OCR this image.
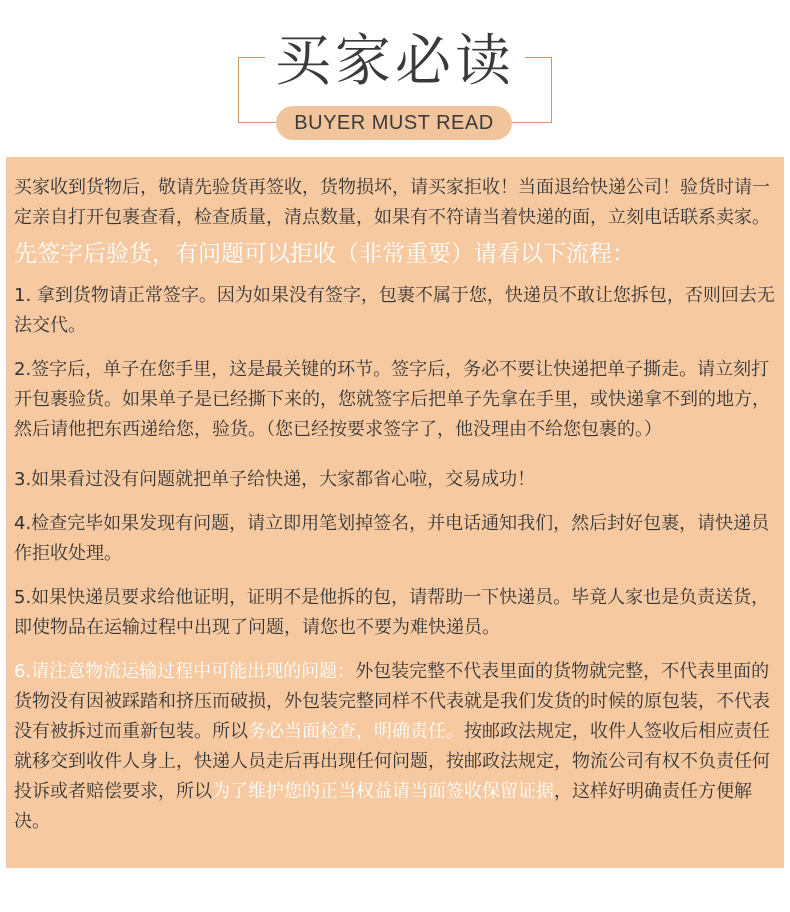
买家必读
BUYER MUST READ

买家收到货物后，敬请先验货再签收，货物损坏，请买家拒收！当面退给快递公司！验货时请一定亲自打开包裹查看，检查质量，清点数量，如果有不符请当着快递的面，立刻电话联系卖家。

先签字后验货，有问题可以拒收（非常重要）请看以下流程：

1. 拿到货物请正常签字。因为如果没有签字，包裹不属于您，快递员不敢让您拆包，否则回去无法交代。

2.签字后，单子在您手里，这是最关键的环节。签字后，务必不要让快递把单子撕走。请立刻打开包裹验货。如果单子是已经撕下来的，您就签字后把单子先拿在手里，或快递拿不到的地方，然后请他把东西递给您，验货。（您已经按要求签字了，他没理由不给您包裹的。）

3.如果看过没有问题就把单子给快递，大家都省心啦，交易成功！

4.检查完毕如果发现有问题，请立即用笔划掉签名，并电话通知我们，然后封好包裹，请快递员作拒收处理。

5.如果快递员要求给他证明，证明不是他拆的包，请帮助一下快递员。毕竟人家也是负责送货，即使物品在运输过程中出现了问题，请您也不要为难快递员。

6.请注意物流运输过程中可能出现的问题：外包装完整不代表里面的货物就完整，不代表里面的货物没有因被踩踏和挤压而破损，外包装完整同样不代表就是我们发货的时候的原包装，不代表没有被拆过而重新包装。所以务必当面检查，明确责任。按邮政法规定，收件人签收后相应责任就移交到收件人身上，快递人员走后再出现任何问题，按邮政法规定，物流公司有权不负责任何投诉或者赔偿要求，所以为了维护您的正当权益请当面签收保留证据，这样好明确责任方便解决。
